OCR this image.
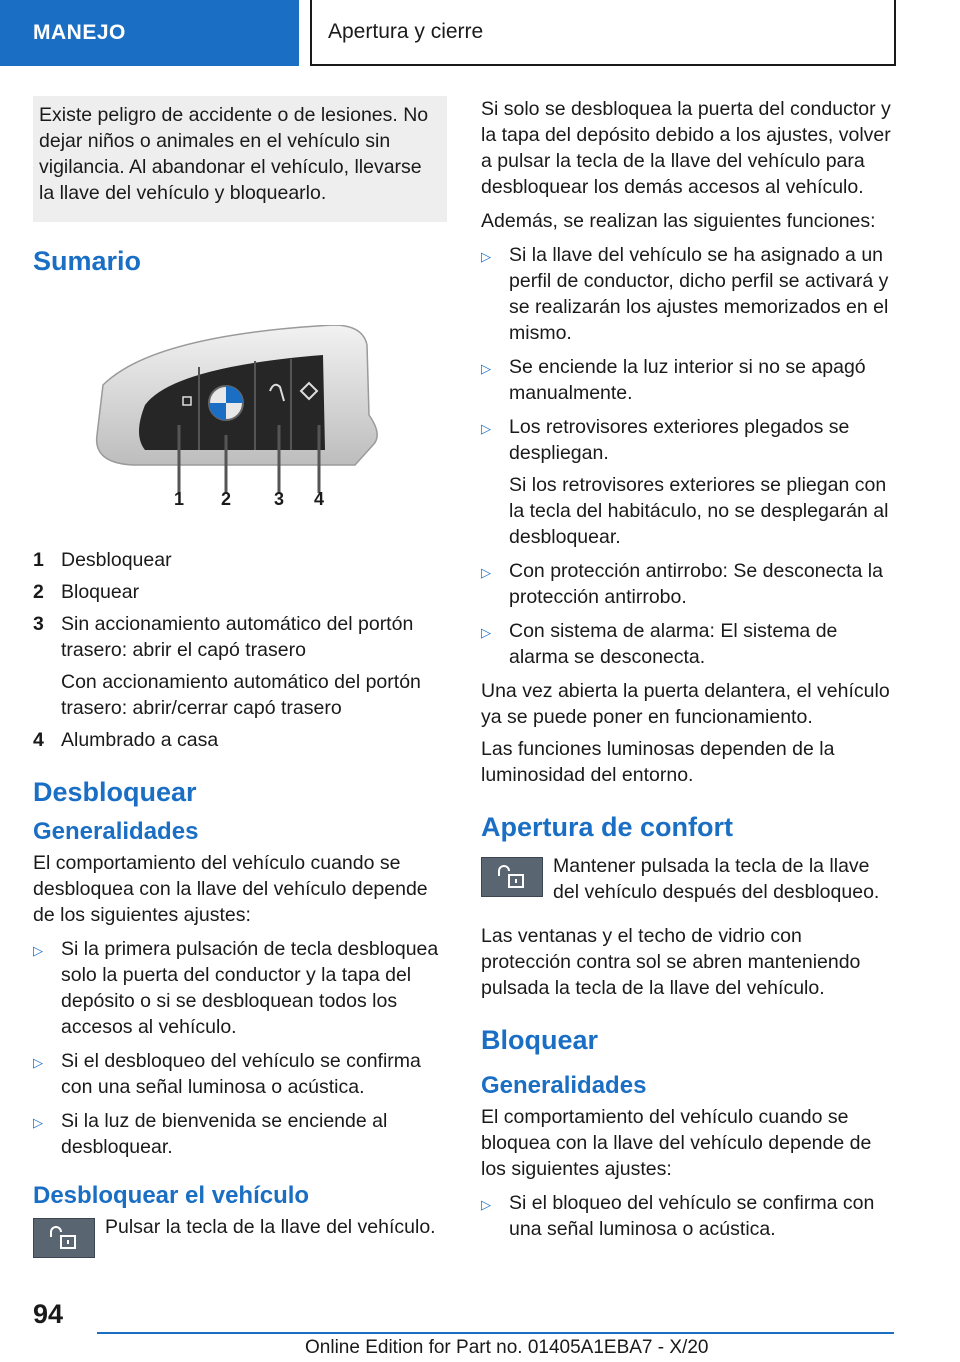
MANEJO	Apertura y cierre

Existe peligro de accidente o de lesiones. No dejar niños o animales en el vehículo sin vigilancia. Al abandonar el vehículo, llevarse la llave del vehículo y bloquearlo.

Sumario
1 2 3 4
1 Desbloquear
2 Bloquear
3 Sin accionamiento automático del portón trasero: abrir el capó trasero
Con accionamiento automático del portón trasero: abrir/cerrar capó trasero
4 Alumbrado a casa
Desbloquear
Generalidades

El comportamiento del vehículo cuando se desbloquea con la llave del vehículo depende de los siguientes ajustes:

▷ Si la primera pulsación de tecla desbloquea solo la puerta del conductor y la tapa del depósito o si se desbloquean todos los accesos al vehículo.
▷ Si el desbloqueo del vehículo se confirma con una señal luminosa o acústica.
▷ Si la luz de bienvenida se enciende al desbloquear.
Desbloquear el vehículo

Pulsar la tecla de la llave del vehículo.

Si solo se desbloquea la puerta del conductor y la tapa del depósito debido a los ajustes, volver a pulsar la tecla de la llave del vehículo para desbloquear los demás accesos al vehículo.

Además, se realizan las siguientes funciones:

▷ Si la llave del vehículo se ha asignado a un perfil de conductor, dicho perfil se activará y se realizarán los ajustes memorizados en el mismo.
▷ Se enciende la luz interior si no se apagó manualmente.
▷ Los retrovisores exteriores plegados se despliegan.
Si los retrovisores exteriores se pliegan con la tecla del habitáculo, no se desplegarán al desbloquear.
▷ Con protección antirrobo: Se desconecta la protección antirrobo.
▷ Con sistema de alarma: El sistema de alarma se desconecta.

Una vez abierta la puerta delantera, el vehículo ya se puede poner en funcionamiento.

Las funciones luminosas dependen de la luminosidad del entorno.

Apertura de confort

Mantener pulsada la tecla de la llave del vehículo después del desbloqueo.

Las ventanas y el techo de vidrio con protección contra sol se abren manteniendo pulsada la tecla de la llave del vehículo.

Bloquear
Generalidades

El comportamiento del vehículo cuando se bloquea con la llave del vehículo depende de los siguientes ajustes:

▷ Si el bloqueo del vehículo se confirma con una señal luminosa o acústica.
94
Online Edition for Part no. 01405A1EBA7 - X/20
